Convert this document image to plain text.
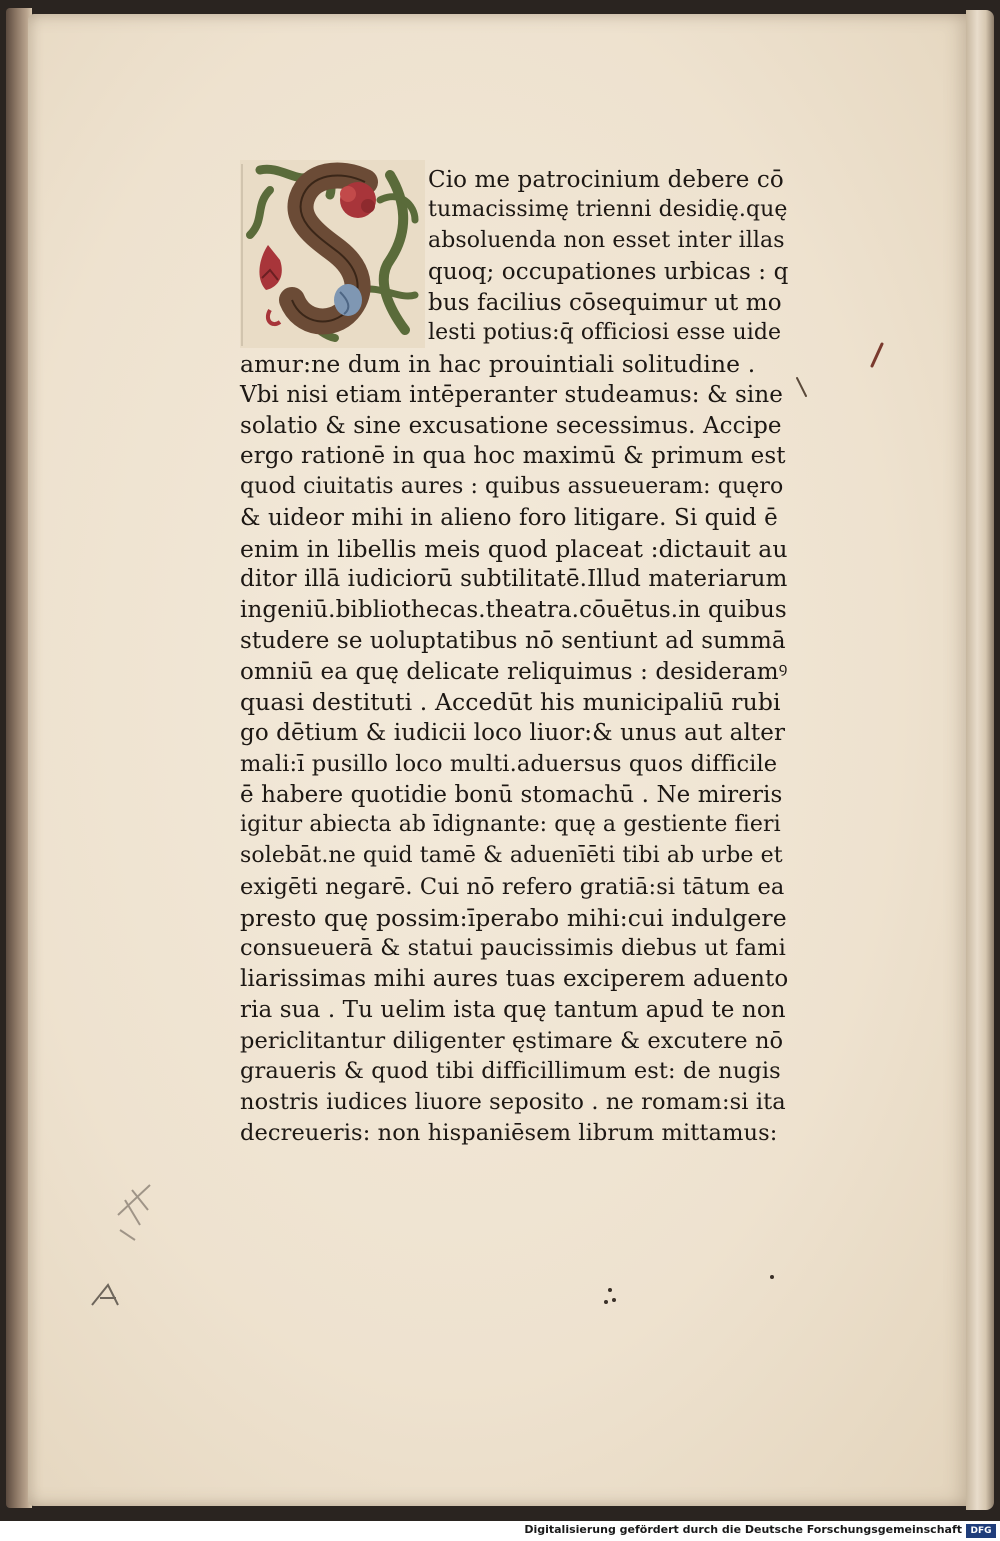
Cio me patrocinium debere cō
tumacissimę trienni desidię.quę
absoluenda non esset inter illas
quoq; occupationes urbicas : q
bus facilius cōsequimur ut mo
lesti potius:q̄ officiosi esse uide
amur:ne dum in hac prouintiali solitudine .
Vbi nisi etiam intēperanter studeamus: & sine
solatio & sine excusatione secessimus. Accipe
ergo rationē in qua hoc maximū & primum est
quod ciuitatis aures : quibus assueueram: quęro
& uideor mihi in alieno foro litigare. Si quid ē
enim in libellis meis quod placeat :dictauit au
ditor illā iudiciorū subtilitatē.Illud materiarum
ingeniū.bibliothecas.theatra.cōuētus.in quibus
studere se uoluptatibus nō sentiunt ad summā
omniū ea quę delicate reliquimus : desideramꝰ
quasi destituti . Accedūt his municipaliū rubi
go dētium & iudicii loco liuor:& unus aut alter
mali:ī pusillo loco multi.aduersus quos difficile
ē habere quotidie bonū stomachū . Ne mireris
igitur abiecta ab īdignante: quę a gestiente fieri
solebāt.ne quid tamē & aduenīēti tibi ab urbe et
exigēti negarē. Cui nō refero gratiā:si tātum ea
presto quę possim:īperabo mihi:cui indulgere
consueuerā & statui paucissimis diebus ut fami
liarissimas mihi aures tuas exciperem aduento
ria sua . Tu uelim ista quę tantum apud te non
periclitantur diligenter ęstimare & excutere nō
graueris & quod tibi difficillimum est: de nugis
nostris iudices liuore seposito . ne romam:si ita
decreueris: non hispaniēsem librum mittamus:
Digitalisierung gefördert durch die Deutsche Forschungsgemeinschaft DFG
